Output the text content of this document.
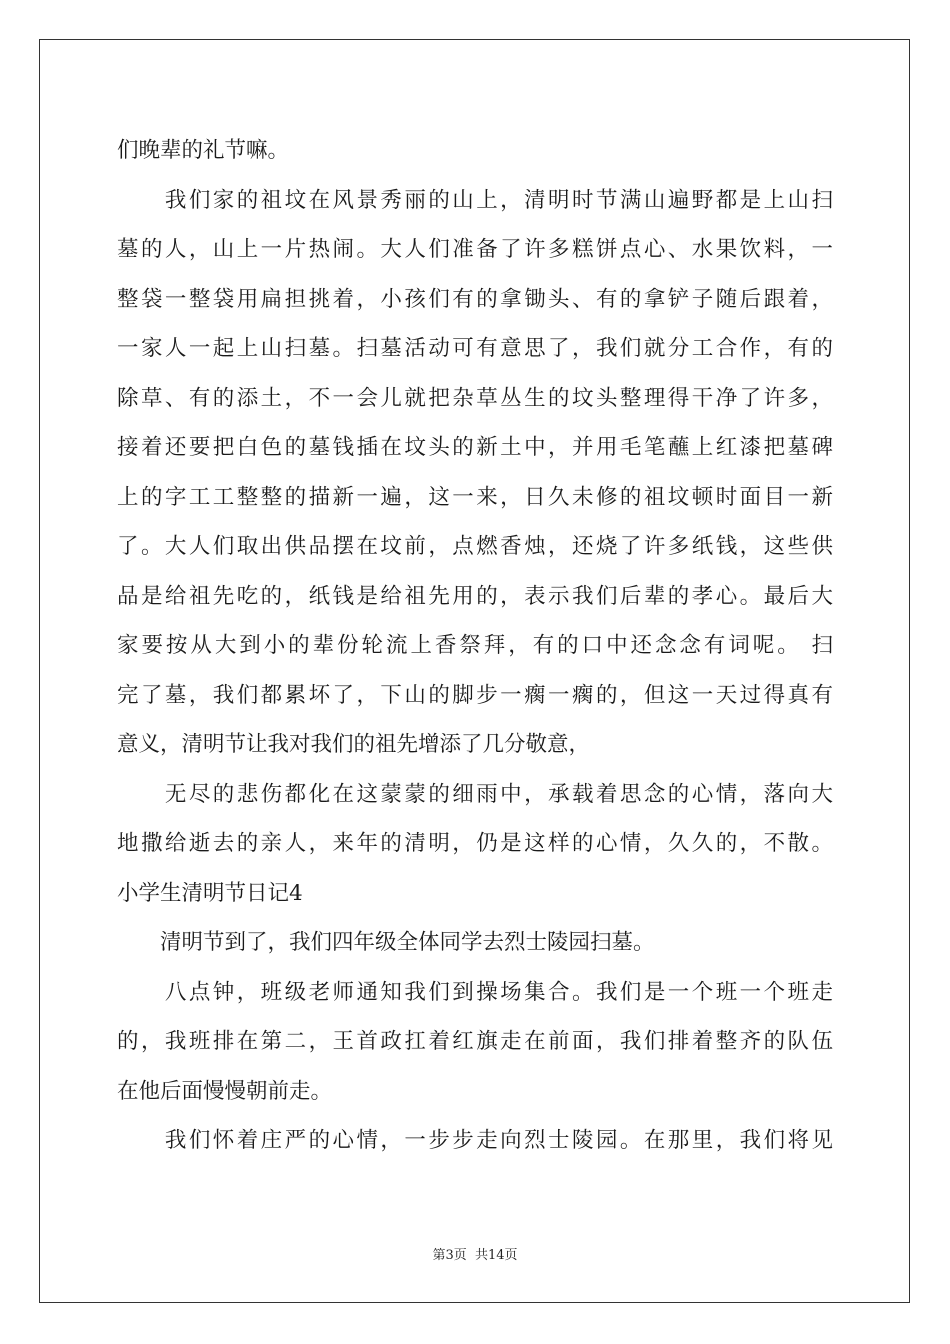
们晚辈的礼节嘛。
　　我们家的祖坟在风景秀丽的山上，清明时节满山遍野都是上山扫
墓的人，山上一片热闹。大人们准备了许多糕饼点心、水果饮料，一
整袋一整袋用扁担挑着，小孩们有的拿锄头、有的拿铲子随后跟着，
一家人一起上山扫墓。扫墓活动可有意思了，我们就分工合作，有的
除草、有的添土，不一会儿就把杂草丛生的坟头整理得干净了许多，
接着还要把白色的墓钱插在坟头的新土中，并用毛笔蘸上红漆把墓碑
上的字工工整整的描新一遍，这一来，日久未修的祖坟顿时面目一新
了。大人们取出供品摆在坟前，点燃香烛，还烧了许多纸钱，这些供
品是给祖先吃的，纸钱是给祖先用的，表示我们后辈的孝心。最后大
家要按从大到小的辈份轮流上香祭拜，有的口中还念念有词呢。 扫
完了墓，我们都累坏了，下山的脚步一瘸一瘸的，但这一天过得真有
意义，清明节让我对我们的祖先增添了几分敬意，
　　无尽的悲伤都化在这蒙蒙的细雨中，承载着思念的心情，落向大
地撒给逝去的亲人，来年的清明，仍是这样的心情，久久的，不散。
小学生清明节日记4
　　清明节到了，我们四年级全体同学去烈士陵园扫墓。
　　八点钟，班级老师通知我们到操场集合。我们是一个班一个班走
的，我班排在第二，王首政扛着红旗走在前面，我们排着整齐的队伍
在他后面慢慢朝前走。
　　我们怀着庄严的心情，一步步走向烈士陵园。在那里，我们将见
第3页 共14页
